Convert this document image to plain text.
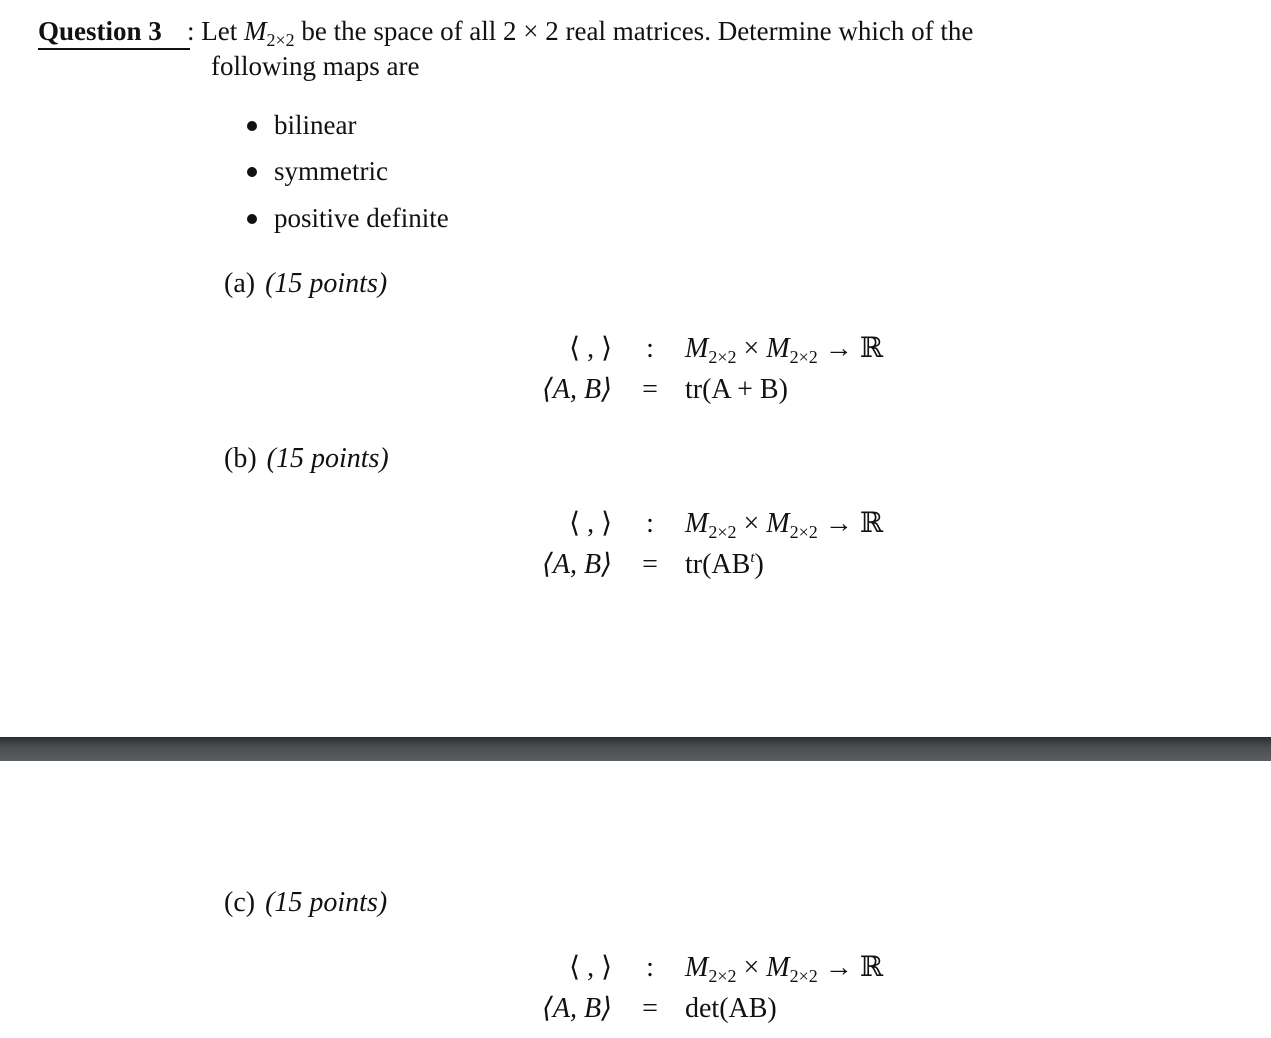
Question 3 : Let $M_{2\times 2}$ be the space of all 2 × 2 real matrices. Determine which of the
following maps are
bilinear
symmetric
positive definite
(a) (15 points)
⟨ , ⟩	:	$M_{2\times 2} \times M_{2\times 2}$ → ℝ
⟨A, B⟩	= tr(A + B)
(b) (15 points)
⟨ , ⟩	:	$M_{2\times 2} \times M_{2\times 2}$ → ℝ
⟨A, B⟩	= $tr(AB^t)$
(c) (15 points)
⟨ , ⟩	:	$M_{2\times 2} \times M_{2\times 2}$ → ℝ
⟨A, B⟩	= det(AB)
